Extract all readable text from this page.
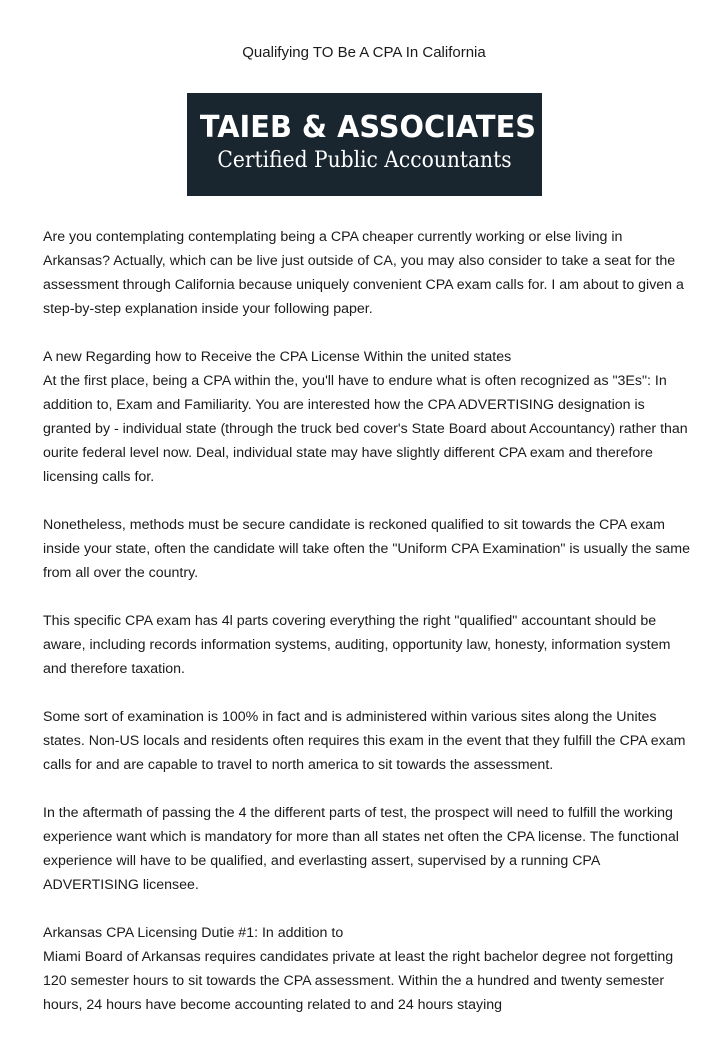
Qualifying TO Be A CPA In California
TAIEB & ASSOCIATES
Certified Public Accountants

Are you contemplating contemplating being a CPA cheaper currently working or else living in Arkansas? Actually, which can be live just outside of CA, you may also consider to take a seat for the assessment through California because uniquely convenient CPA exam calls for. I am about to given a step-by-step explanation inside your following paper.

A new Regarding how to Receive the CPA License Within the united states

At the first place, being a CPA within the, you'll have to endure what is often recognized as "3Es": In addition to, Exam and Familiarity. You are interested how the CPA ADVERTISING designation is granted by - individual state (through the truck bed cover's State Board about Accountancy) rather than ourite federal level now. Deal, individual state may have slightly different CPA exam and therefore licensing calls for.

Nonetheless, methods must be secure candidate is reckoned qualified to sit towards the CPA exam inside your state, often the candidate will take often the "Uniform CPA Examination" is usually the same from all over the country.

This specific CPA exam has 4l parts covering everything the right "qualified" accountant should be aware, including records information systems, auditing, opportunity law, honesty, information system and therefore taxation.

Some sort of examination is 100% in fact and is administered within various sites along the Unites states. Non-US locals and residents often requires this exam in the event that they fulfill the CPA exam calls for and are capable to travel to north america to sit towards the assessment.

In the aftermath of passing the 4 the different parts of test, the prospect will need to fulfill the working experience want which is mandatory for more than all states net often the CPA license. The functional experience will have to be qualified, and everlasting assert, supervised by a running CPA ADVERTISING licensee.

Arkansas CPA Licensing Dutie #1: In addition to

Miami Board of Arkansas requires candidates private at least the right bachelor degree not forgetting 120 semester hours to sit towards the CPA assessment. Within the a hundred and twenty semester hours, 24 hours have become accounting related to and 24 hours staying
